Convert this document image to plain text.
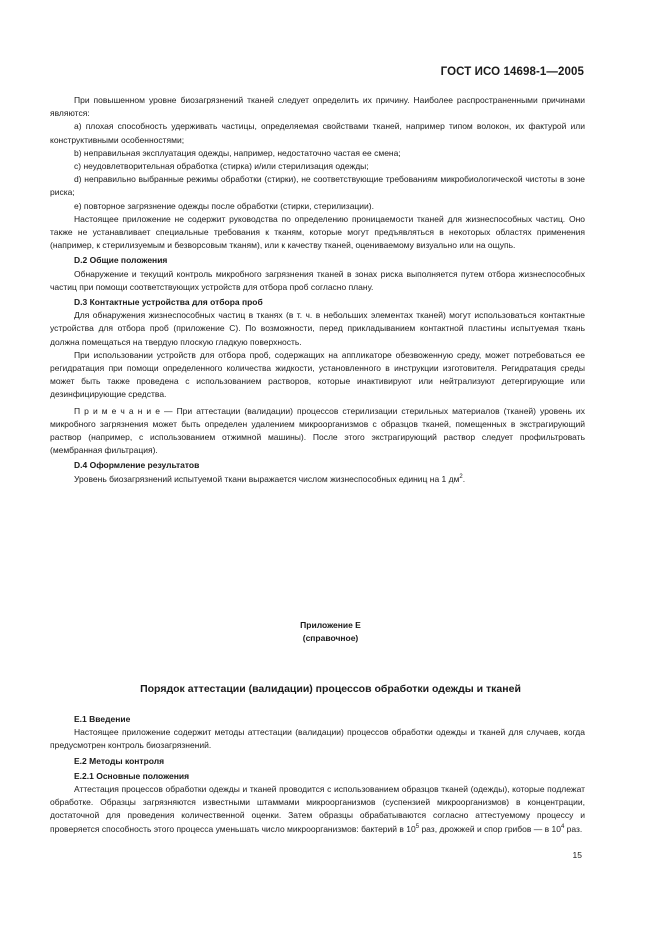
ГОСТ ИСО 14698-1—2005

При повышенном уровне биозагрязнений тканей следует определить их причину. Наиболее распространенными причинами являются:

а) плохая способность удерживать частицы, определяемая свойствами тканей, например типом волокон, их фактурой или конструктивными особенностями;

b) неправильная эксплуатация одежды, например, недостаточно частая ее смена;

c) неудовлетворительная обработка (стирка) и/или стерилизация одежды;

d) неправильно выбранные режимы обработки (стирки), не соответствующие требованиям микробиологической чистоты в зоне риска;

e) повторное загрязнение одежды после обработки (стирки, стерилизации).

Настоящее приложение не содержит руководства по определению проницаемости тканей для жизнеспособных частиц. Оно также не устанавливает специальные требования к тканям, которые могут предъявляться в некоторых областях применения (например, к стерилизуемым и безворсовым тканям), или к качеству тканей, оцениваемому визуально или на ощупь.

D.2 Общие положения

Обнаружение и текущий контроль микробного загрязнения тканей в зонах риска выполняется путем отбора жизнеспособных частиц при помощи соответствующих устройств для отбора проб согласно плану.

D.3 Контактные устройства для отбора проб

Для обнаружения жизнеспособных частиц в тканях (в т. ч. в небольших элементах тканей) могут использоваться контактные устройства для отбора проб (приложение С). По возможности, перед прикладыванием контактной пластины испытуемая ткань должна помещаться на твердую плоскую гладкую поверхность.

При использовании устройств для отбора проб, содержащих на аппликаторе обезвоженную среду, может потребоваться ее регидратация при помощи определенного количества жидкости, установленного в инструкции изготовителя. Регидратация среды может быть также проведена с использованием растворов, которые инактивируют или нейтрализуют детергирующие или дезинфицирующие средства.

П р и м е ч а н и е — При аттестации (валидации) процессов стерилизации стерильных материалов (тканей) уровень их микробного загрязнения может быть определен удалением микроорганизмов с образцов тканей, помещенных в экстрагирующий раствор (например, с использованием отжимной машины). После этого экстрагирующий раствор следует профильтровать (мембранная фильтрация).

D.4 Оформление результатов

Уровень биозагрязнений испытуемой ткани выражается числом жизнеспособных единиц на 1 $дм^2$.

Приложение Е
(справочное)
Порядок аттестации (валидации) процессов обработки одежды и тканей
Е.1 Введение

Настоящее приложение содержит методы аттестации (валидации) процессов обработки одежды и тканей для случаев, когда предусмотрен контроль биозагрязнений.

Е.2 Методы контроля
Е.2.1 Основные положения

Аттестация процессов обработки одежды и тканей проводится с использованием образцов тканей (одежды), которые подлежат обработке. Образцы загрязняются известными штаммами микроорганизмов (суспензией микроорганизмов) в концентрации, достаточной для проведения количественной оценки. Затем образцы обрабатываются согласно аттестуемому процессу и проверяется способность этого процесса уменьшать число микроорганизмов: бактерий в $10^5$ раз, дрожжей и спор грибов — в $10^4$ раз.

15
